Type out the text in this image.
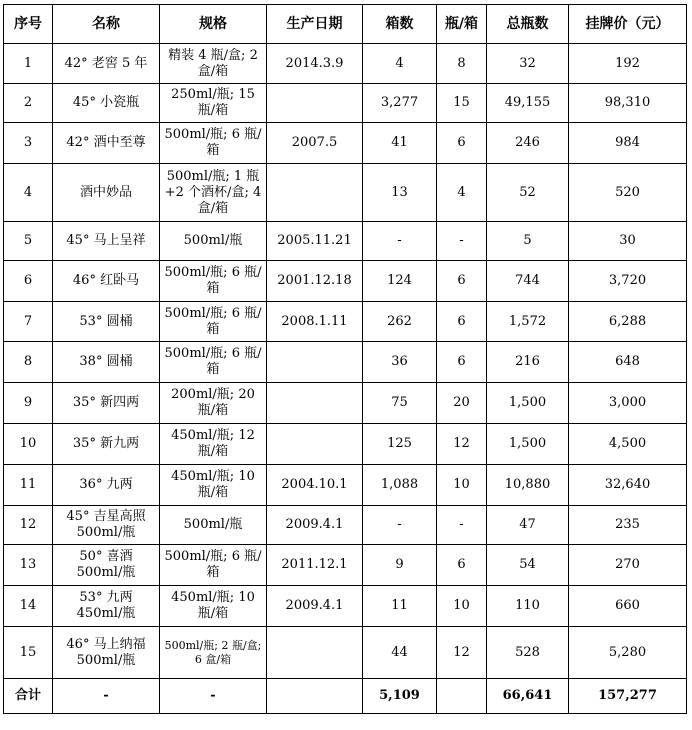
序号	名称	规格	生产日期	箱数	瓶/箱	总瓶数	挂牌价（元）
1	42° 老窖 5 年	精装 4 瓶/盒; 2 盒/箱	2014.3.9	4	8	32	192
2	45° 小瓷瓶	250ml/瓶; 15 瓶/箱		3,277	15	49,155	98,310
3	42° 酒中至尊	500ml/瓶; 6 瓶/箱	2007.5	41	6	246	984
4	酒中妙品	500ml/瓶; 1 瓶+2 个酒杯/盒; 4 盒/箱		13	4	52	520
5	45° 马上呈祥	500ml/瓶	2005.11.21	-	-	5	30
6	46° 红卧马	500ml/瓶; 6 瓶/箱	2001.12.18	124	6	744	3,720
7	53° 圆桶	500ml/瓶; 6 瓶/箱	2008.1.11	262	6	1,572	6,288
8	38° 圆桶	500ml/瓶; 6 瓶/箱		36	6	216	648
9	35° 新四两	200ml/瓶; 20 瓶/箱		75	20	1,500	3,000
10	35° 新九两	450ml/瓶; 12 瓶/箱		125	12	1,500	4,500
11	36° 九两	450ml/瓶; 10 瓶/箱	2004.10.1	1,088	10	10,880	32,640
12	45° 吉星高照 500ml/瓶	500ml/瓶	2009.4.1	-	-	47	235
13	50° 喜酒 500ml/瓶	500ml/瓶; 6 瓶/箱	2011.12.1	9	6	54	270
14	53° 九两 450ml/瓶	450ml/瓶; 10 瓶/箱	2009.4.1	11	10	110	660
15	46° 马上纳福 500ml/瓶	500ml/瓶; 2 瓶/盒; 6 盒/箱		44	12	528	5,280
合计	-	-		5,109		66,641	157,277
